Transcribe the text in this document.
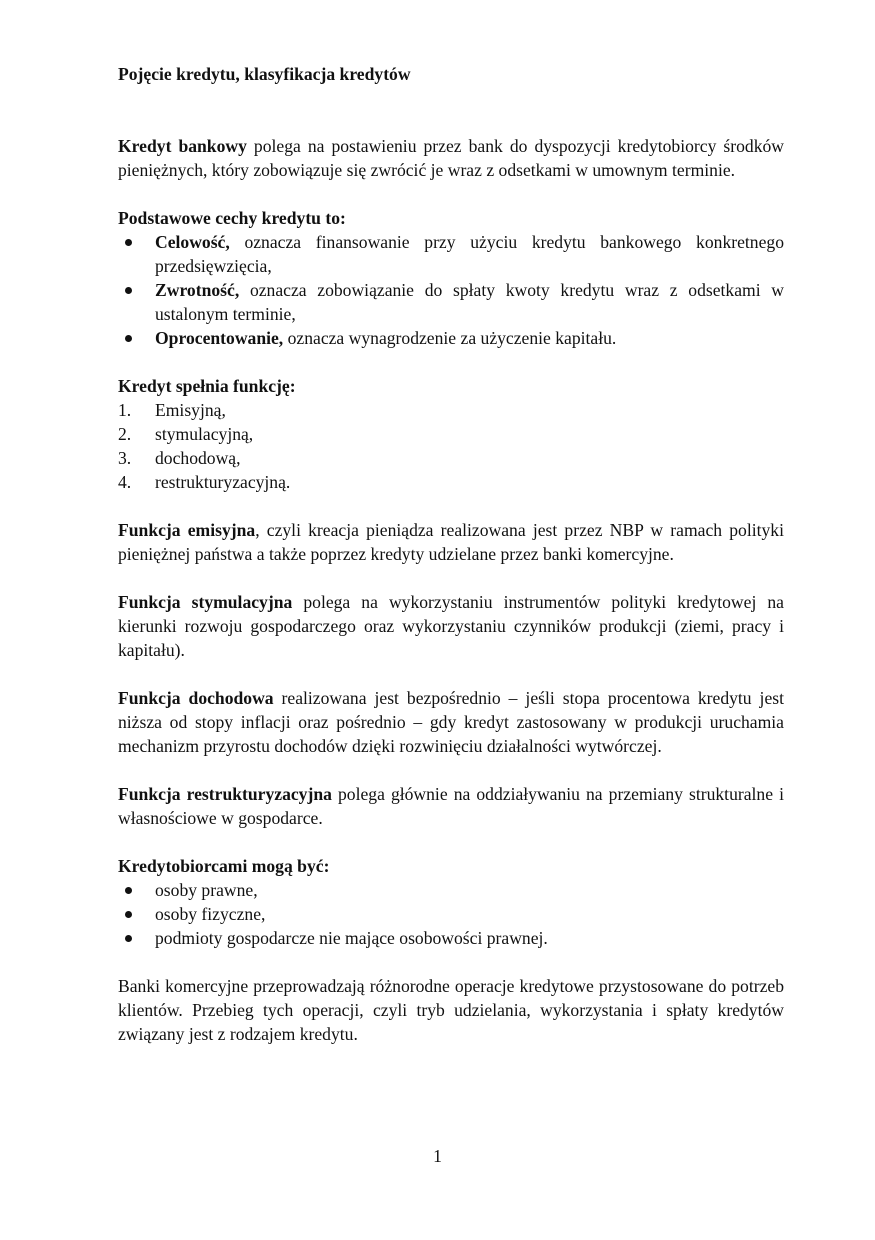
Pojęcie kredytu, klasyfikacja kredytów

Kredyt bankowy polega na postawieniu przez bank do dyspozycji kredytobiorcy środków pieniężnych, który zobowiązuje się zwrócić je wraz z odsetkami w umownym terminie.

Podstawowe cechy kredytu to:

Celowość, oznacza finansowanie przy użyciu kredytu bankowego konkretnego przedsięwzięcia,
Zwrotność, oznacza zobowiązanie do spłaty kwoty kredytu wraz z odsetkami w ustalonym terminie,
Oprocentowanie, oznacza wynagrodzenie za użyczenie kapitału.

Kredyt spełnia funkcję:

1.	Emisyjną,
2.	stymulacyjną,
3.	dochodową,
4.	restrukturyzacyjną.

Funkcja emisyjna, czyli kreacja pieniądza realizowana jest przez NBP w ramach polityki pieniężnej państwa a także poprzez kredyty udzielane przez banki komercyjne.

Funkcja stymulacyjna polega na wykorzystaniu instrumentów polityki kredytowej na kierunki rozwoju gospodarczego oraz wykorzystaniu czynników produkcji (ziemi, pracy i kapitału).

Funkcja dochodowa realizowana jest bezpośrednio – jeśli stopa procentowa kredytu jest niższa od stopy inflacji oraz pośrednio – gdy kredyt zastosowany w produkcji uruchamia mechanizm przyrostu dochodów dzięki rozwinięciu działalności wytwórczej.

Funkcja restrukturyzacyjna polega głównie na oddziaływaniu na przemiany strukturalne i własnościowe w gospodarce.

Kredytobiorcami mogą być:

osoby prawne,
osoby fizyczne,
podmioty gospodarcze nie mające osobowości prawnej.

Banki komercyjne przeprowadzają różnorodne operacje kredytowe przystosowane do potrzeb klientów. Przebieg tych operacji, czyli tryb udzielania, wykorzystania i spłaty kredytów związany jest z rodzajem kredytu.

1
